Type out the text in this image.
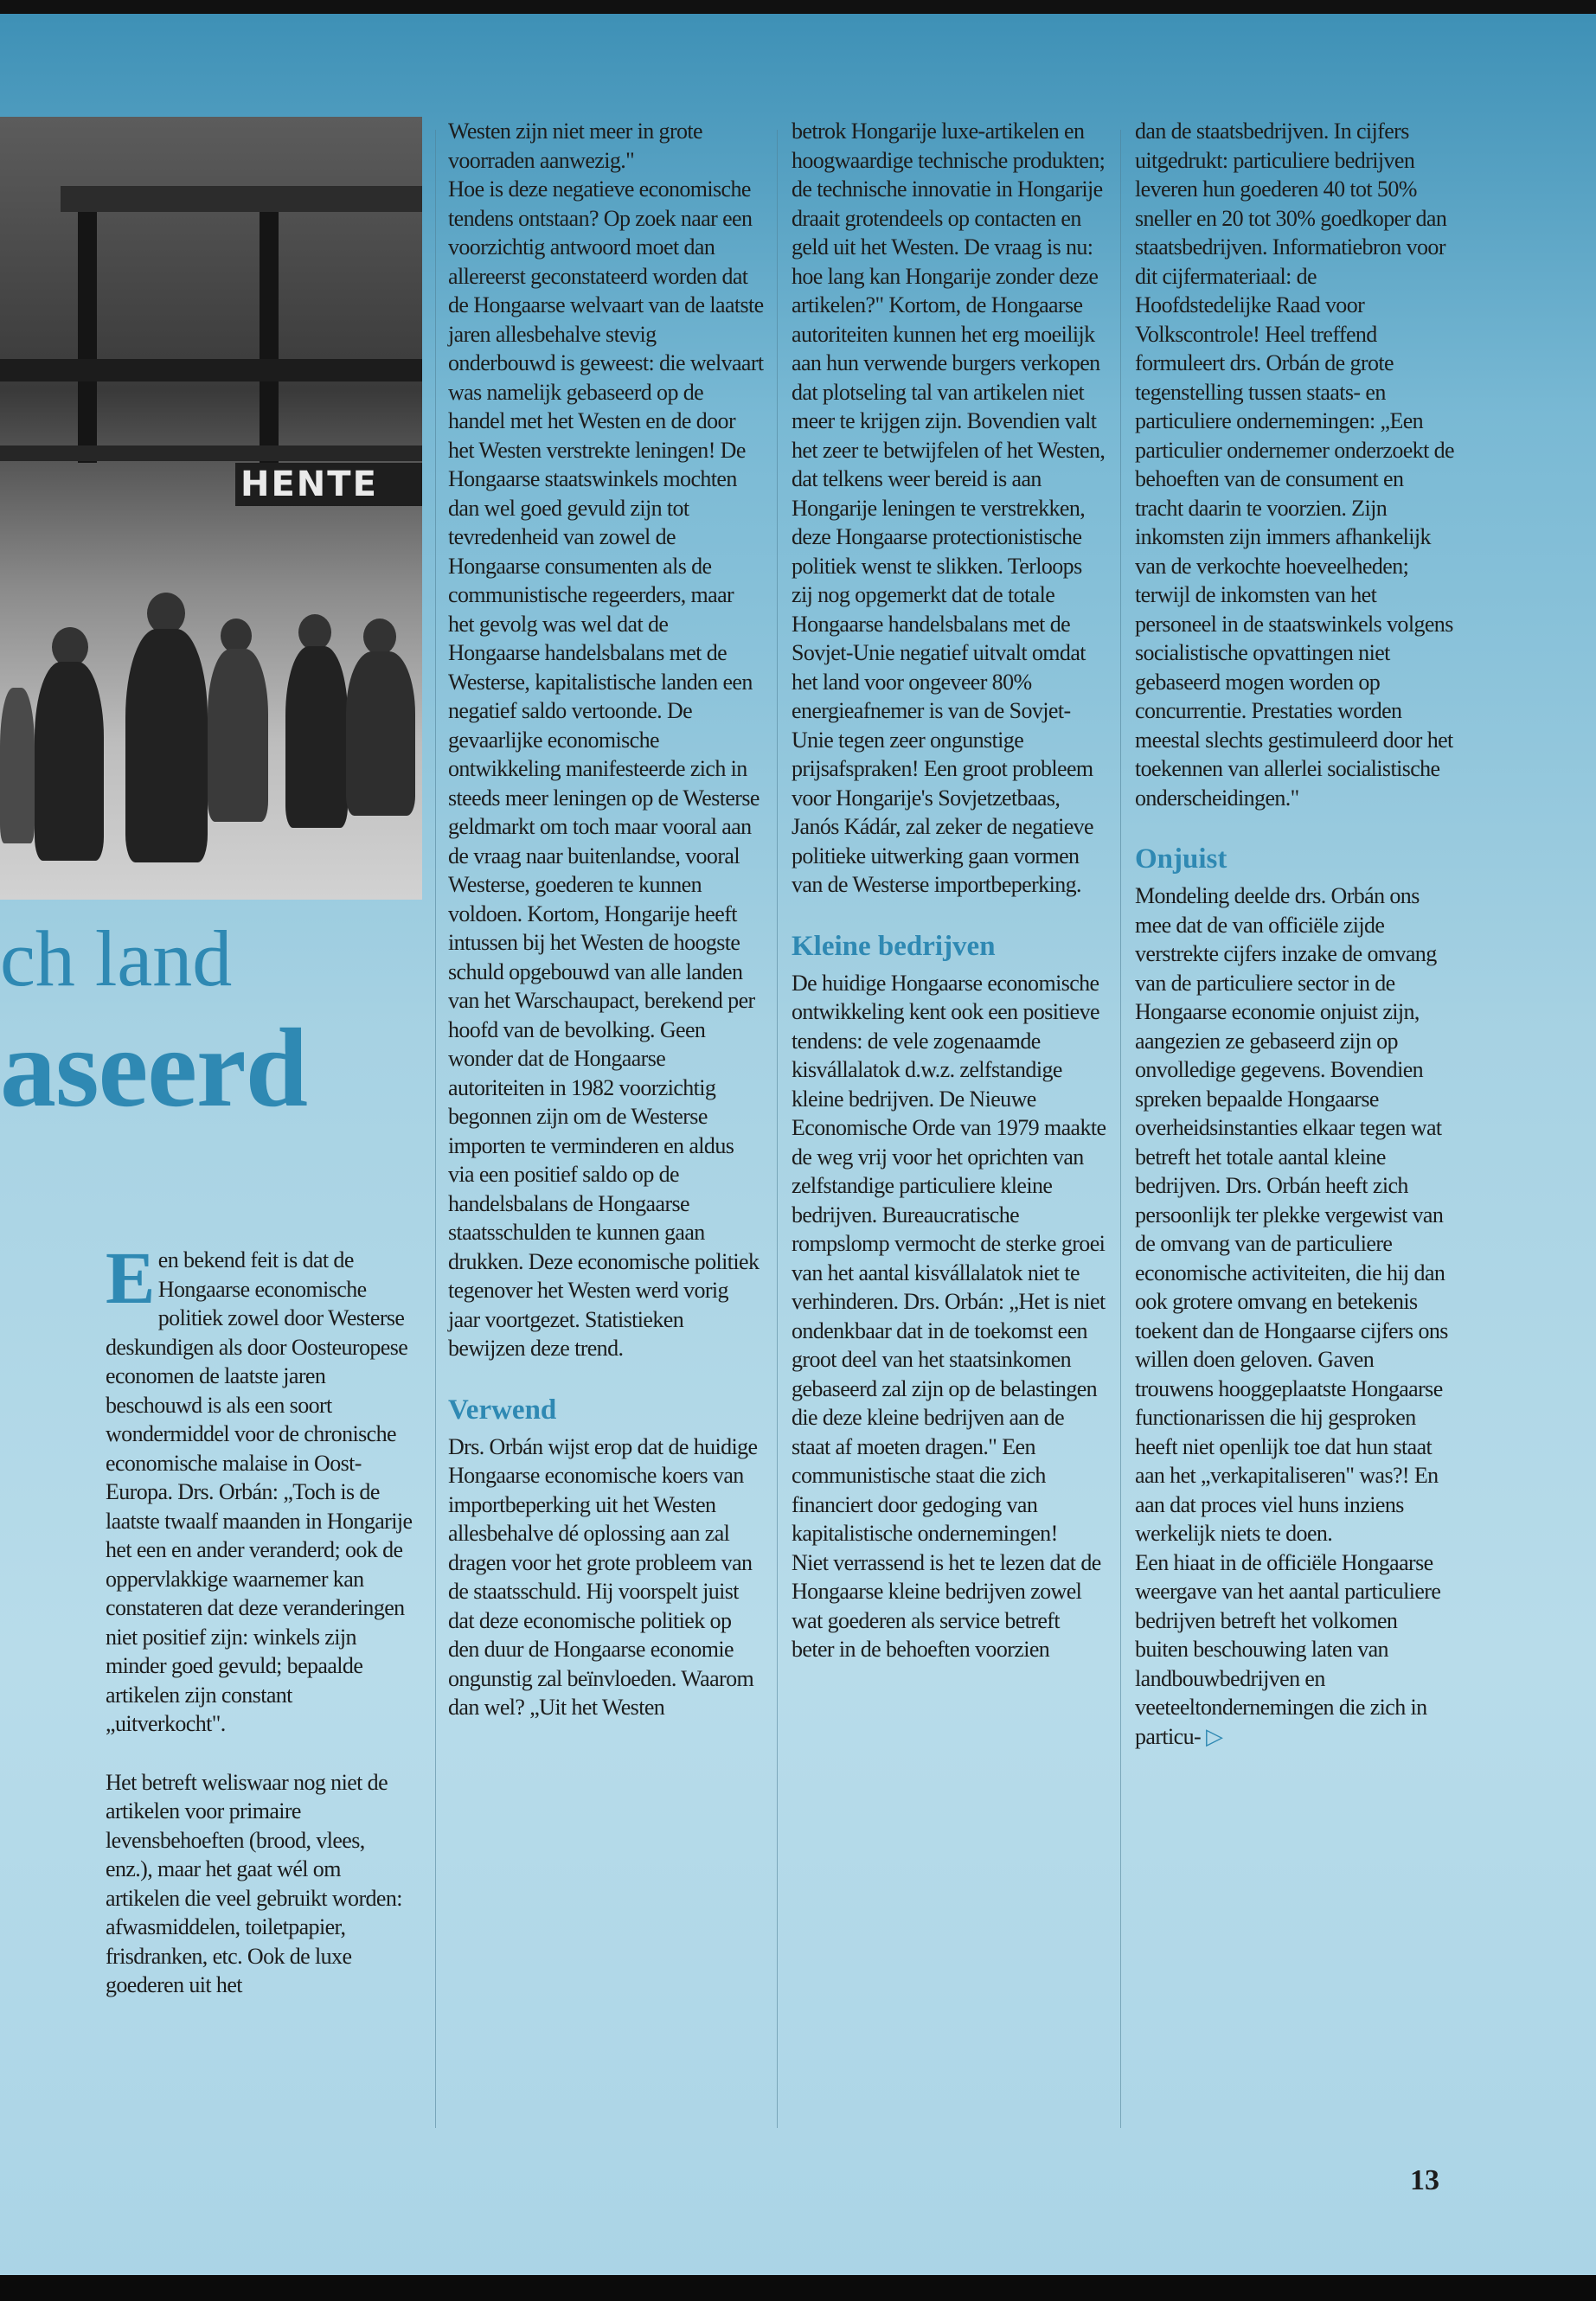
HENTE
ch land
aseerd

Een bekend feit is dat de Hongaarse economische politiek zowel door Westerse deskundigen als door Oosteuropese economen de laatste jaren beschouwd is als een soort wondermiddel voor de chronische economische malaise in Oost-Europa. Drs. Orbán: „Toch is de laatste twaalf maanden in Hongarije het een en ander veranderd; ook de oppervlakkige waarnemer kan constateren dat deze veranderingen niet positief zijn: winkels zijn minder goed gevuld; bepaalde artikelen zijn constant „uitverkocht".

Het betreft weliswaar nog niet de artikelen voor primaire levensbehoeften (brood, vlees, enz.), maar het gaat wél om artikelen die veel gebruikt worden: afwasmiddelen, toiletpapier, frisdranken, etc. Ook de luxe goederen uit het

Westen zijn niet meer in grote voorraden aanwezig."

Hoe is deze negatieve economische tendens ontstaan? Op zoek naar een voorzichtig antwoord moet dan allereerst geconstateerd worden dat de Hongaarse welvaart van de laatste jaren allesbehalve stevig onderbouwd is geweest: die welvaart was namelijk gebaseerd op de handel met het Westen en de door het Westen verstrekte leningen! De Hongaarse staatswinkels mochten dan wel goed gevuld zijn tot tevredenheid van zowel de Hongaarse consumenten als de communistische regeerders, maar het gevolg was wel dat de Hongaarse handelsbalans met de Westerse, kapitalistische landen een negatief saldo vertoonde. De gevaarlijke economische ontwikkeling manifesteerde zich in steeds meer leningen op de Westerse geldmarkt om toch maar vooral aan de vraag naar buitenlandse, vooral Westerse, goederen te kunnen voldoen. Kortom, Hongarije heeft intussen bij het Westen de hoogste schuld opgebouwd van alle landen van het Warschaupact, berekend per hoofd van de bevolking. Geen wonder dat de Hongaarse autoriteiten in 1982 voorzichtig begonnen zijn om de Westerse importen te verminderen en aldus via een positief saldo op de handelsbalans de Hongaarse staatsschulden te kunnen gaan drukken. Deze economische politiek tegenover het Westen werd vorig jaar voortgezet. Statistieken bewijzen deze trend.

Verwend

Drs. Orbán wijst erop dat de huidige Hongaarse economische koers van importbeperking uit het Westen allesbehalve dé oplossing aan zal dragen voor het grote probleem van de staatsschuld. Hij voorspelt juist dat deze economische politiek op den duur de Hongaarse economie ongunstig zal beïnvloeden. Waarom dan wel? „Uit het Westen

betrok Hongarije luxe-artikelen en hoogwaardige technische produkten; de technische innovatie in Hongarije draait grotendeels op contacten en geld uit het Westen. De vraag is nu: hoe lang kan Hongarije zonder deze artikelen?" Kortom, de Hongaarse autoriteiten kunnen het erg moeilijk aan hun verwende burgers verkopen dat plotseling tal van artikelen niet meer te krijgen zijn. Bovendien valt het zeer te betwijfelen of het Westen, dat telkens weer bereid is aan Hongarije leningen te verstrekken, deze Hongaarse protectionistische politiek wenst te slikken. Terloops zij nog opgemerkt dat de totale Hongaarse handelsbalans met de Sovjet-Unie negatief uitvalt omdat het land voor ongeveer 80% energieafnemer is van de Sovjet-Unie tegen zeer ongunstige prijsafspraken! Een groot probleem voor Hongarije's Sovjetzetbaas, Janós Kádár, zal zeker de negatieve politieke uitwerking gaan vormen van de Westerse importbeperking.

Kleine bedrijven

De huidige Hongaarse economische ontwikkeling kent ook een positieve tendens: de vele zogenaamde kisvállalatok d.w.z. zelfstandige kleine bedrijven. De Nieuwe Economische Orde van 1979 maakte de weg vrij voor het oprichten van zelfstandige particuliere kleine bedrijven. Bureaucratische rompslomp vermocht de sterke groei van het aantal kisvállalatok niet te verhinderen. Drs. Orbán: „Het is niet ondenkbaar dat in de toekomst een groot deel van het staatsinkomen gebaseerd zal zijn op de belastingen die deze kleine bedrijven aan de staat af moeten dragen." Een communistische staat die zich financiert door gedoging van kapitalistische ondernemingen!

Niet verrassend is het te lezen dat de Hongaarse kleine bedrijven zowel wat goederen als service betreft beter in de behoeften voorzien

dan de staatsbedrijven. In cijfers uitgedrukt: particuliere bedrijven leveren hun goederen 40 tot 50% sneller en 20 tot 30% goedkoper dan staatsbedrijven. Informatiebron voor dit cijfermateriaal: de Hoofdstedelijke Raad voor Volkscontrole! Heel treffend formuleert drs. Orbán de grote tegenstelling tussen staats- en particuliere ondernemingen: „Een particulier ondernemer onderzoekt de behoeften van de consument en tracht daarin te voorzien. Zijn inkomsten zijn immers afhankelijk van de verkochte hoeveelheden; terwijl de inkomsten van het personeel in de staatswinkels volgens socialistische opvattingen niet gebaseerd mogen worden op concurrentie. Prestaties worden meestal slechts gestimuleerd door het toekennen van allerlei socialistische onderscheidingen."

Onjuist

Mondeling deelde drs. Orbán ons mee dat de van officiële zijde verstrekte cijfers inzake de omvang van de particuliere sector in de Hongaarse economie onjuist zijn, aangezien ze gebaseerd zijn op onvolledige gegevens. Bovendien spreken bepaalde Hongaarse overheidsinstanties elkaar tegen wat betreft het totale aantal kleine bedrijven. Drs. Orbán heeft zich persoonlijk ter plekke vergewist van de omvang van de particuliere economische activiteiten, die hij dan ook grotere omvang en betekenis toekent dan de Hongaarse cijfers ons willen doen geloven. Gaven trouwens hooggeplaatste Hongaarse functionarissen die hij gesproken heeft niet openlijk toe dat hun staat aan het „verkapitaliseren" was?! En aan dat proces viel huns inziens werkelijk niets te doen.

Een hiaat in de officiële Hongaarse weergave van het aantal particuliere bedrijven betreft het volkomen buiten beschouwing laten van landbouwbedrijven en veeteeltondernemingen die zich in particu- ▷

13
